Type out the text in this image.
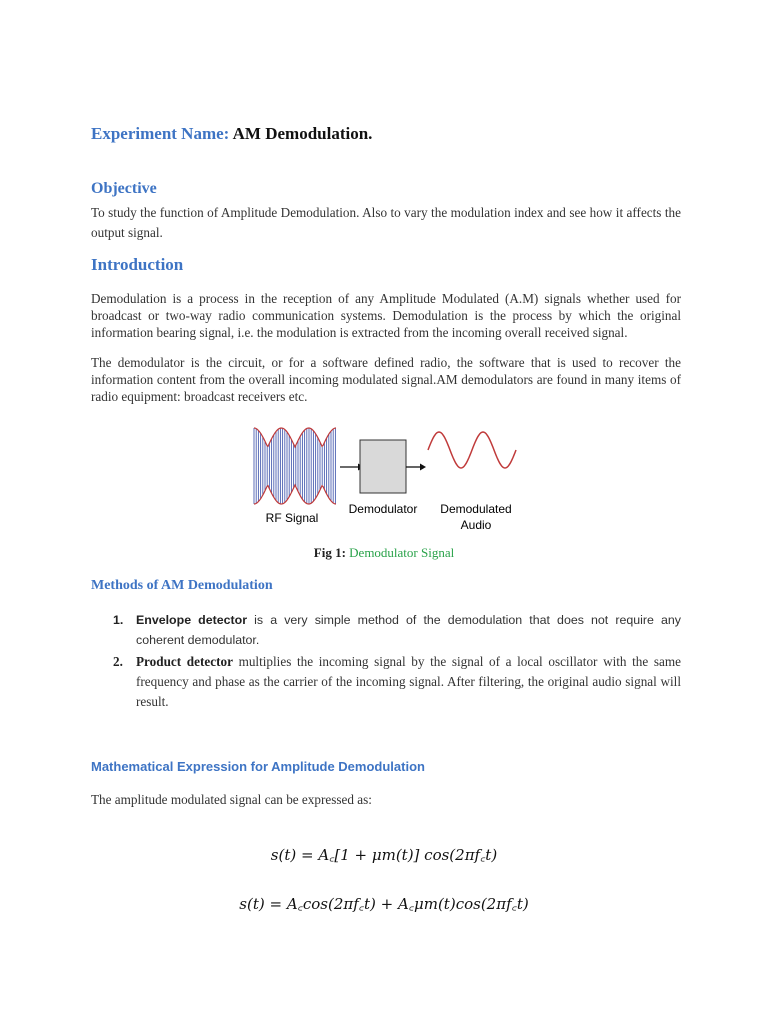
Experiment Name: AM Demodulation.
Objective
To study the function of Amplitude Demodulation. Also to vary the modulation index and see how it affects the output signal.
Introduction
Demodulation is a process in the reception of any Amplitude Modulated (A.M) signals whether used for broadcast or two-way radio communication systems. Demodulation is the process by which the original information bearing signal, i.e. the modulation is extracted from the incoming overall received signal.
The demodulator is the circuit, or for a software defined radio, the software that is used to recover the information content from the overall incoming modulated signal.AM demodulators are found in many items of radio equipment: broadcast receivers etc.
RF Signal
Demodulator Demodulated
Audio
Fig 1: Demodulator Signal
Methods of AM Demodulation
1. Envelope detector is a very simple method of the demodulation that does not require any coherent demodulator.
2. Product detector multiplies the incoming signal by the signal of a local oscillator with the same frequency and phase as the carrier of the incoming signal. After filtering, the original audio signal will result.
Mathematical Expression for Amplitude Demodulation
The amplitude modulated signal can be expressed as:
s(t) = A꜀[1 + μm(t)] cos(2πf꜀t)
s(t) = A꜀cos(2πf꜀t) + A꜀μm(t)cos(2πf꜀t)
